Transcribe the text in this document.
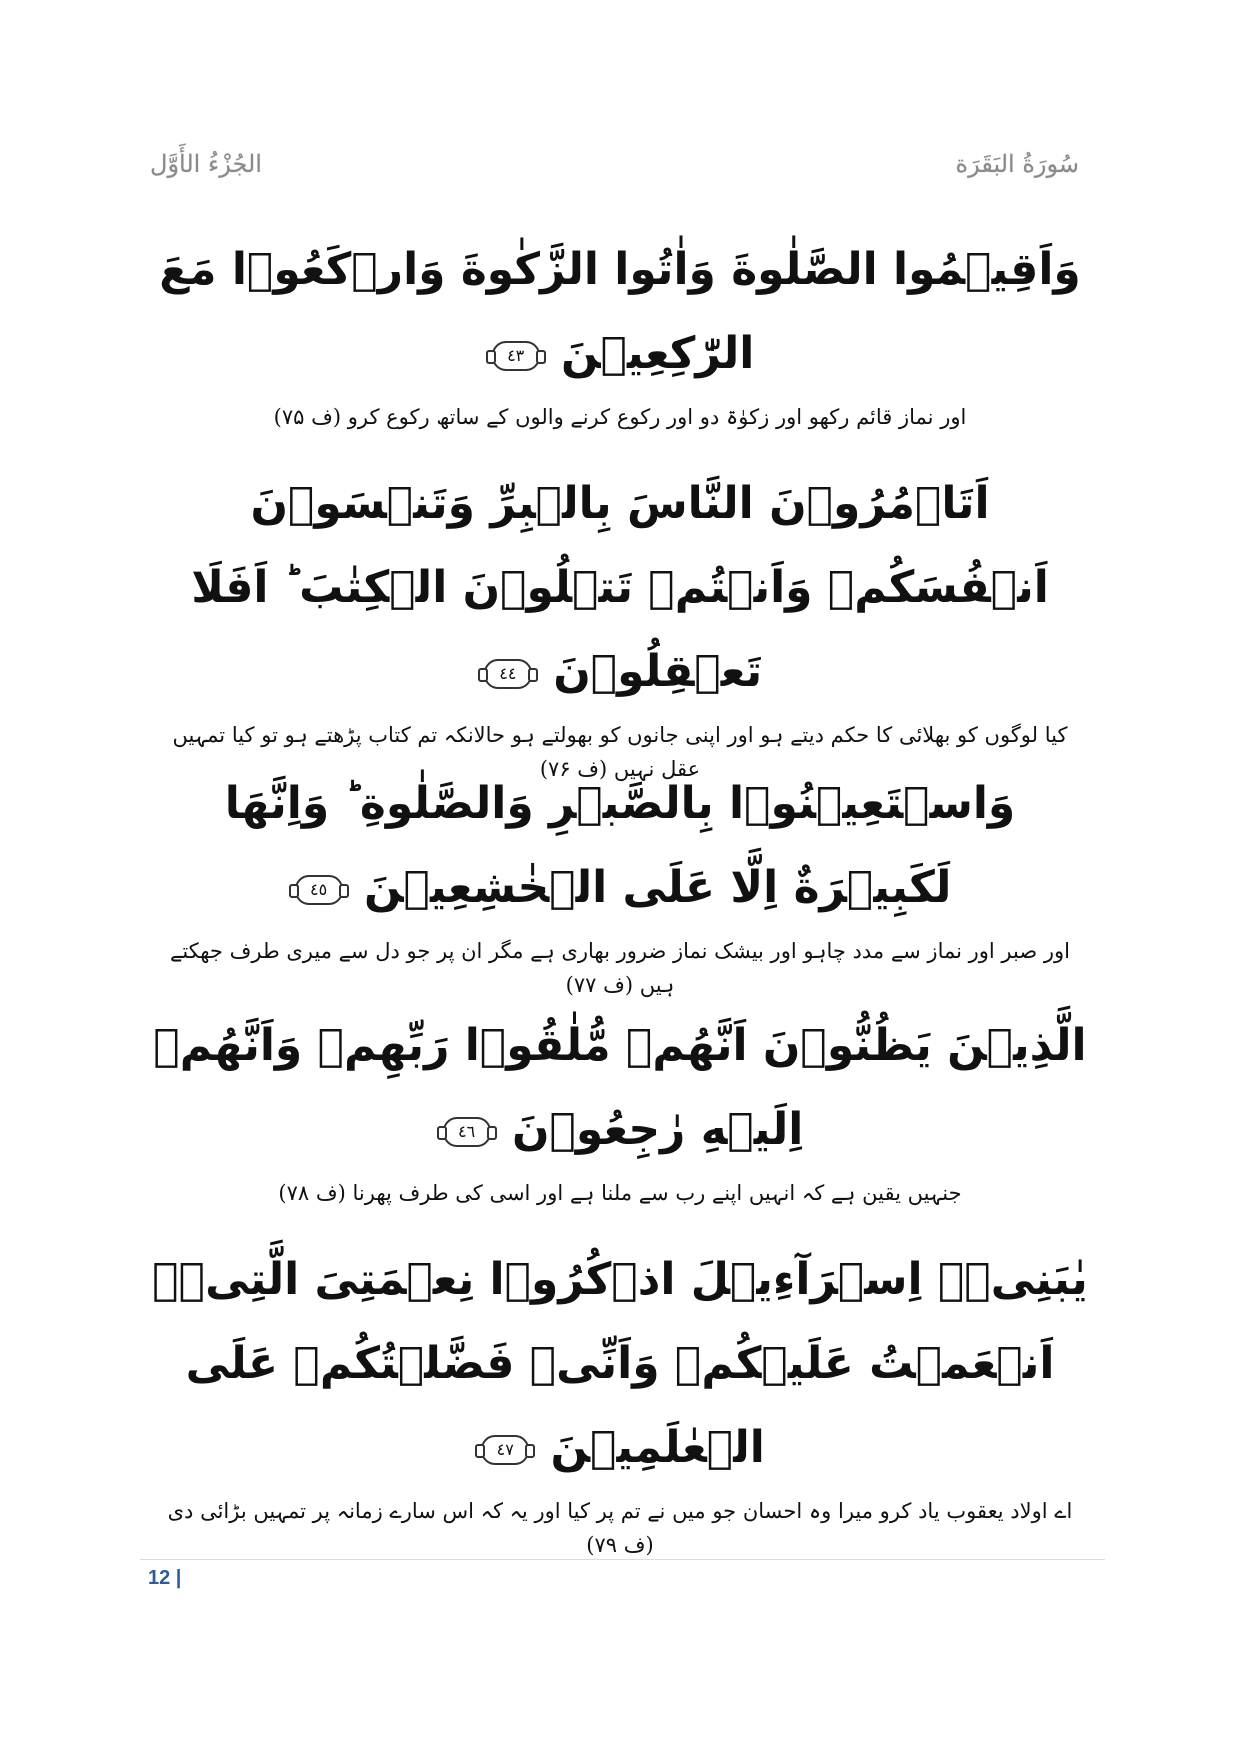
سُورَةُ البَقَرَة
الجُزْءُ الأَوَّل
وَاَقِيۡمُوا الصَّلٰوةَ وَاٰتُوا الزَّكٰوةَ وَارۡكَعُوۡا مَعَ الرّٰكِعِيۡنَ ٤٣
اور نماز قائم رکھو اور زکوٰۃ دو اور رکوع کرنے والوں کے ساتھ رکوع کرو (ف ۷۵)
اَتَاۡمُرُوۡنَ النَّاسَ بِالۡبِرِّ وَتَنۡسَوۡنَ اَنۡفُسَكُمۡ وَاَنۡتُمۡ تَتۡلُوۡنَ الۡكِتٰبَ ؕ اَفَلَا تَعۡقِلُوۡنَ ٤٤
کیا لوگوں کو بھلائی کا حکم دیتے ہو اور اپنی جانوں کو بھولتے ہو حالانکہ تم کتاب پڑھتے ہو تو کیا تمہیں عقل نہیں (ف ۷۶)
وَاسۡتَعِيۡنُوۡا بِالصَّبۡرِ وَالصَّلٰوةِ ؕ وَاِنَّهَا لَكَبِيۡرَةٌ اِلَّا عَلَى الۡخٰشِعِيۡنَ ٤٥
اور صبر اور نماز سے مدد چاہو اور بیشک نماز ضرور بھاری ہے مگر ان پر جو دل سے میری طرف جھکتے ہیں (ف ۷۷)
الَّذِيۡنَ يَظُنُّوۡنَ اَنَّهُمۡ مُّلٰقُوۡا رَبِّهِمۡ وَاَنَّهُمۡ اِلَيۡهِ رٰجِعُوۡنَ ٤٦
جنہیں یقین ہے کہ انہیں اپنے رب سے ملنا ہے اور اسی کی طرف پھرنا (ف ۷۸)
يٰبَنِىۡۤ اِسۡرَآءِيۡلَ اذۡكُرُوۡا نِعۡمَتِىَ الَّتِىۡۤ اَنۡعَمۡتُ عَلَيۡكُمۡ وَاَنِّىۡ فَضَّلۡتُكُمۡ عَلَى الۡعٰلَمِيۡنَ ٤٧
اے اولاد یعقوب یاد کرو میرا وہ احسان جو میں نے تم پر کیا اور یہ کہ اس سارے زمانہ پر تمہیں بڑائی دی (ف ۷۹)
12 |
